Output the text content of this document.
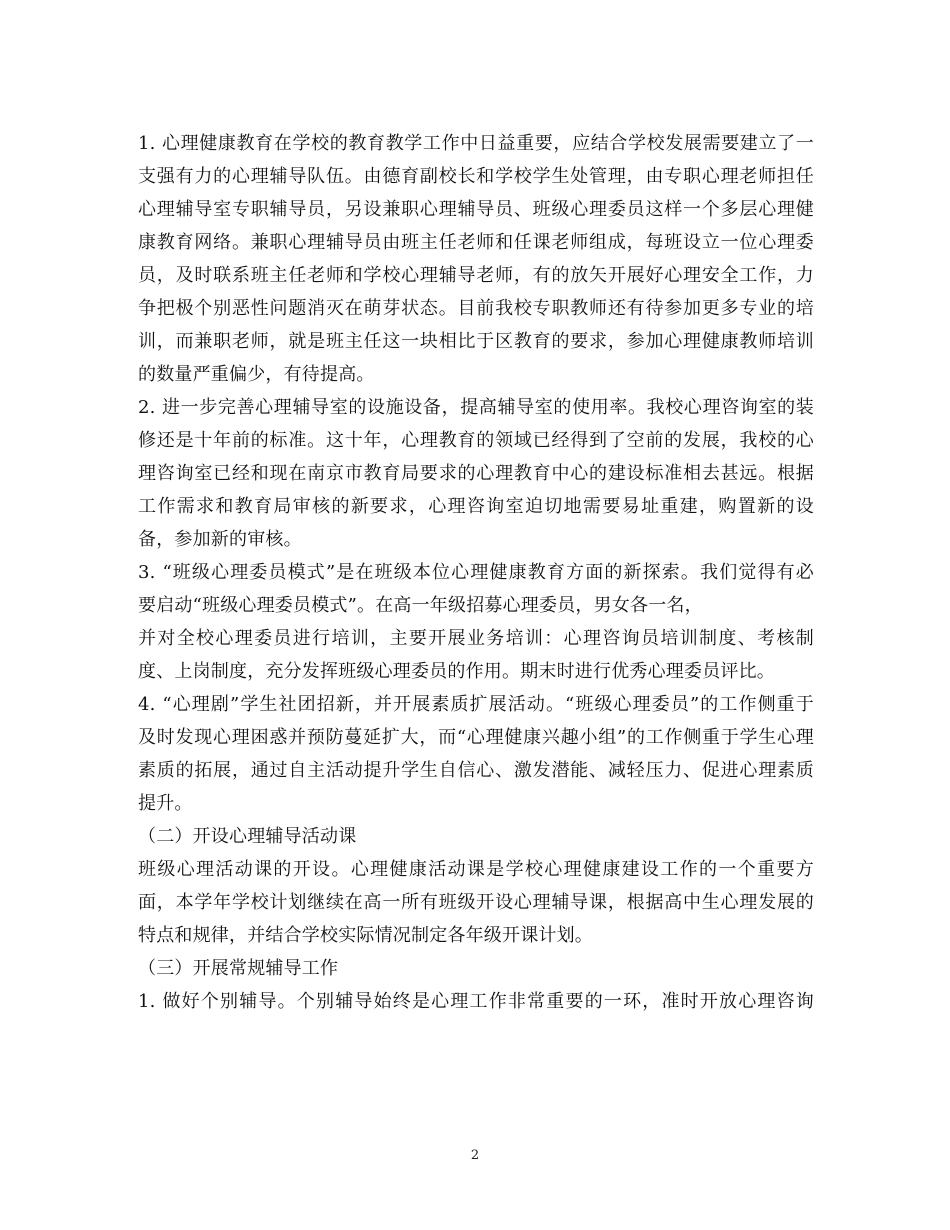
1. 心理健康教育在学校的教育教学工作中日益重要，应结合学校发展需要建立了一
支强有力的心理辅导队伍。由德育副校长和学校学生处管理，由专职心理老师担任
心理辅导室专职辅导员，另设兼职心理辅导员、班级心理委员这样一个多层心理健
康教育网络。兼职心理辅导员由班主任老师和任课老师组成，每班设立一位心理委
员，及时联系班主任老师和学校心理辅导老师，有的放矢开展好心理安全工作，力
争把极个别恶性问题消灭在萌芽状态。目前我校专职教师还有待参加更多专业的培
训，而兼职老师，就是班主任这一块相比于区教育的要求，参加心理健康教师培训
的数量严重偏少，有待提高。
2. 进一步完善心理辅导室的设施设备，提高辅导室的使用率。我校心理咨询室的装
修还是十年前的标准。这十年，心理教育的领域已经得到了空前的发展，我校的心
理咨询室已经和现在南京市教育局要求的心理教育中心的建设标准相去甚远。根据
工作需求和教育局审核的新要求，心理咨询室迫切地需要易址重建，购置新的设
备，参加新的审核。
3. “班级心理委员模式”是在班级本位心理健康教育方面的新探索。我们觉得有必
要启动“班级心理委员模式”。在高一年级招募心理委员，男女各一名，
并对全校心理委员进行培训，主要开展业务培训：心理咨询员培训制度、考核制
度、上岗制度，充分发挥班级心理委员的作用。期末时进行优秀心理委员评比。
4. “心理剧”学生社团招新，并开展素质扩展活动。“班级心理委员”的工作侧重于
及时发现心理困惑并预防蔓延扩大，而“心理健康兴趣小组”的工作侧重于学生心理
素质的拓展，通过自主活动提升学生自信心、激发潜能、减轻压力、促进心理素质
提升。
（二）开设心理辅导活动课
班级心理活动课的开设。心理健康活动课是学校心理健康建设工作的一个重要方
面，本学年学校计划继续在高一所有班级开设心理辅导课，根据高中生心理发展的
特点和规律，并结合学校实际情况制定各年级开课计划。
（三）开展常规辅导工作
1. 做好个别辅导。个别辅导始终是心理工作非常重要的一环，准时开放心理咨询
2
